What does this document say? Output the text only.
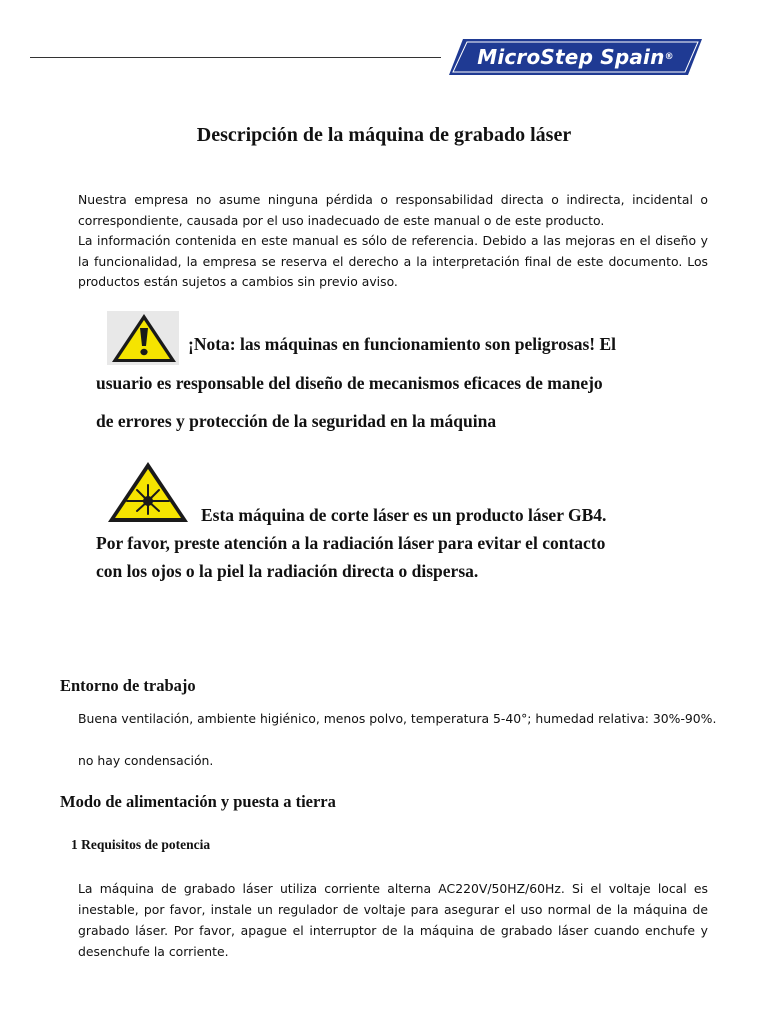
MicroStep Spain ®
Descripción de la máquina de grabado láser
Nuestra empresa no asume ninguna pérdida o responsabilidad directa o indirecta, incidental o
correspondiente, causada por el uso inadecuado de este manual o de este producto.
La información contenida en este manual es sólo de referencia. Debido a las mejoras en el diseño y
la funcionalidad, la empresa se reserva el derecho a la interpretación final de este documento. Los
productos están sujetos a cambios sin previo aviso.
¡Nota: las máquinas en funcionamiento son peligrosas! El
usuario es responsable del diseño de mecanismos eficaces de manejo
de errores y protección de la seguridad en la máquina
Esta máquina de corte láser es un producto láser GB4.
Por favor, preste atención a la radiación láser para evitar el contacto
con los ojos o la piel la radiación directa o dispersa.
Entorno de trabajo
Buena ventilación, ambiente higiénico, menos polvo, temperatura 5-40°; humedad relativa: 30%-90%.
no hay condensación.
Modo de alimentación y puesta a tierra
1 Requisitos de potencia
La máquina de grabado láser utiliza corriente alterna AC220V/50HZ/60Hz. Si el voltaje local es
inestable, por favor, instale un regulador de voltaje para asegurar el uso normal de la máquina de
grabado láser. Por favor, apague el interruptor de la máquina de grabado láser cuando enchufe y
desenchufe la corriente.
